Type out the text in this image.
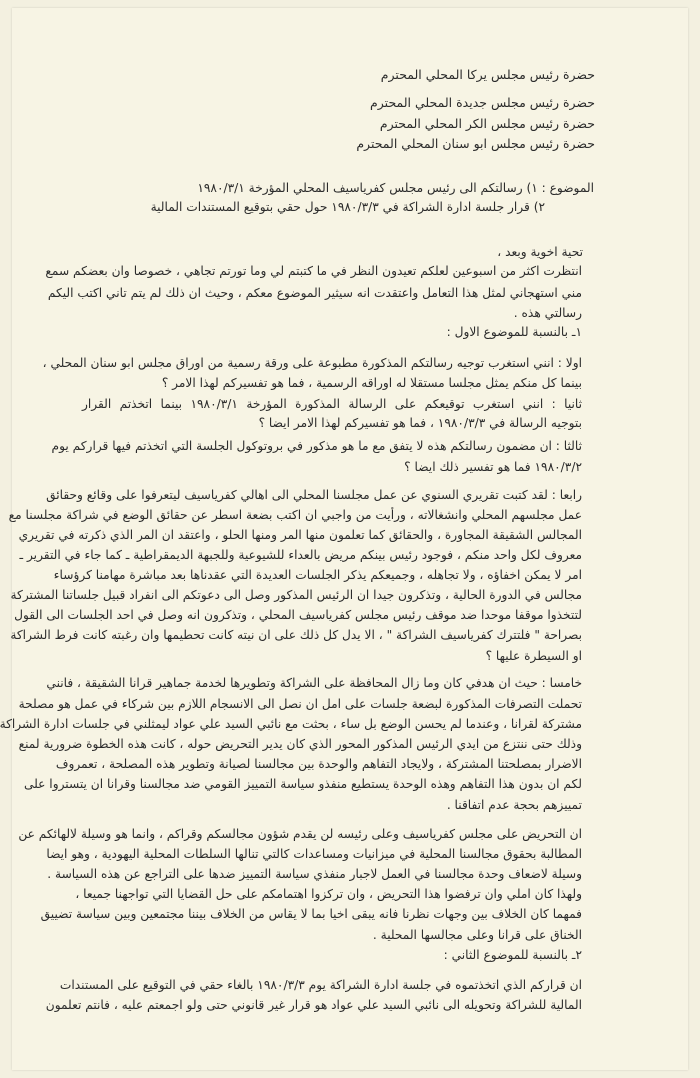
حضرة رئيس مجلس يركا المحلي المحترم
حضرة رئيس مجلس جديدة المحلي المحترم
حضرة رئيس مجلس الكر المحلي المحترم
حضرة رئيس مجلس ابو سنان المحلي المحترم
الموضوع : ١) رسالتكم الى رئيس مجلس كفرياسيف المحلي المؤرخة ١٩٨٠/٣/١
٢) قرار جلسة ادارة الشراكة في ١٩٨٠/٣/٣ حول حقي بتوقيع المستندات المالية
تحية اخوية وبعد ،
انتظرت اكثر من اسبوعين لعلكم تعيدون النظر في ما كتبتم لي وما تورتم تجاهي ، خصوصا وان بعضكم سمع
مني استهجاني لمثل هذا التعامل واعتقدت انه سيثير الموضوع معكم ، وحيث ان ذلك لم يتم تاني اكتب اليكم
رسالتي هذه .
١ـ بالنسبة للموضوع الاول :
اولا : انني استغرب توجيه رسالتكم المذكورة مطبوعة على ورقة رسمية من اوراق مجلس ابو سنان المحلي ،
بينما كل منكم يمثل مجلسا مستقلا له اوراقه الرسمية ، فما هو تفسيركم لهذا الامر ؟
ثانيا : انني استغرب توقيعكم على الرسالة المذكورة المؤرخة ١٩٨٠/٣/١ بينما اتخذتم القرار
بتوجيه الرسالة في ١٩٨٠/٣/٣ ، فما هو تفسيركم لهذا الامر ايضا ؟
ثالثا : ان مضمون رسالتكم هذه لا يتفق مع ما هو مذكور في بروتوكول الجلسة التي اتخذتم فيها قراركم يوم
١٩٨٠/٣/٢ فما هو تفسير ذلك ايضا ؟
رابعا : لقد كتبت تقريري السنوي عن عمل مجلسنا المحلي الى اهالي كفرياسيف ليتعرفوا على وقائع وحقائق
عمل مجلسهم المحلي وانشغالاته ، ورأيت من واجبي ان اكتب بضعة اسطر عن حقائق الوضع في شراكة مجلسنا مع
المجالس الشقيقة المجاورة ، والحقائق كما تعلمون منها المر ومنها الحلو ، واعتقد ان المر الذي ذكرته في تقريري
معروف لكل واحد منكم ، فوجود رئيس بينكم مريض بالعداء للشيوعية وللجبهة الديمقراطية ـ كما جاء في التقرير ـ
امر لا يمكن اخفاؤه ، ولا تجاهله ، وجميعكم يذكر الجلسات العديدة التي عقدناها بعد مباشرة مهامنا كرؤساء
مجالس في الدورة الحالية ، وتذكرون جيدا ان الرئيس المذكور وصل الى دعوتكم الى انفراد قبيل جلساتنا المشتركة
لتتخذوا موقفا موحدا ضد موقف رئيس مجلس كفرياسيف المحلي ، وتذكرون انه وصل في احد الجلسات الى القول
بصراحة " فلتترك كفرياسيف الشراكة " ، الا يدل كل ذلك على ان نيته كانت تحطيمها وان رغبته كانت فرط الشراكة
او السيطرة عليها ؟
خامسا : حيث ان هدفي كان وما زال المحافظة على الشراكة وتطويرها لخدمة جماهير قرانا الشقيقة ، فانني
تحملت التصرفات المذكورة لبضعة جلسات على امل ان نصل الى الانسجام اللازم بين شركاء في عمل هو مصلحة
مشتركة لقرانا ، وعندما لم يحسن الوضع بل ساء ، بحثت مع نائبي السيد علي عواد ليمثلني في جلسات ادارة الشراكة
وذلك حتى ننتزع من ايدي الرئيس المذكور المحور الذي كان يدير التحريض حوله ، كانت هذه الخطوة ضرورية لمنع
الاضرار بمصلحتنا المشتركة ، ولايجاد التفاهم والوحدة بين مجالسنا لصيانة وتطوير هذه المصلحة ، تعمروف
لكم ان بدون هذا التفاهم وهذه الوحدة يستطيع منفذو سياسة التمييز القومي ضد مجالسنا وقرانا ان يتستروا على
تمييزهم بحجة عدم اتفاقنا .
ان التحريض على مجلس كفرياسيف وعلى رئيسه لن يقدم شؤون مجالسكم وقراكم ، وانما هو وسيلة لالهائكم عن
المطالبة بحقوق مجالسنا المحلية في ميزانيات ومساعدات كالتي تنالها السلطات المحلية اليهودية ، وهو ايضا
وسيلة لاضعاف وحدة مجالسنا في العمل لاجبار منفذي سياسة التمييز ضدها على التراجع عن هذه السياسة .
ولهذا كان املي وان ترفضوا هذا التحريض ، وان تركزوا اهتمامكم على حل القضايا التي تواجهنا جميعا ،
فمهما كان الخلاف بين وجهات نظرنا فانه يبقى اخيا بما لا يقاس من الخلاف بيننا مجتمعين وبين سياسة تضييق
الخناق على قرانا وعلى مجالسها المحلية .
٢ـ بالنسبة للموضوع الثاني :
ان قراركم الذي اتخذتموه في جلسة ادارة الشراكة يوم ١٩٨٠/٣/٣ بالغاء حقي في التوقيع على المستندات
المالية للشراكة وتحويله الى نائبي السيد علي عواد هو قرار غير قانوني حتى ولو اجمعتم عليه ، فانتم تعلمون
